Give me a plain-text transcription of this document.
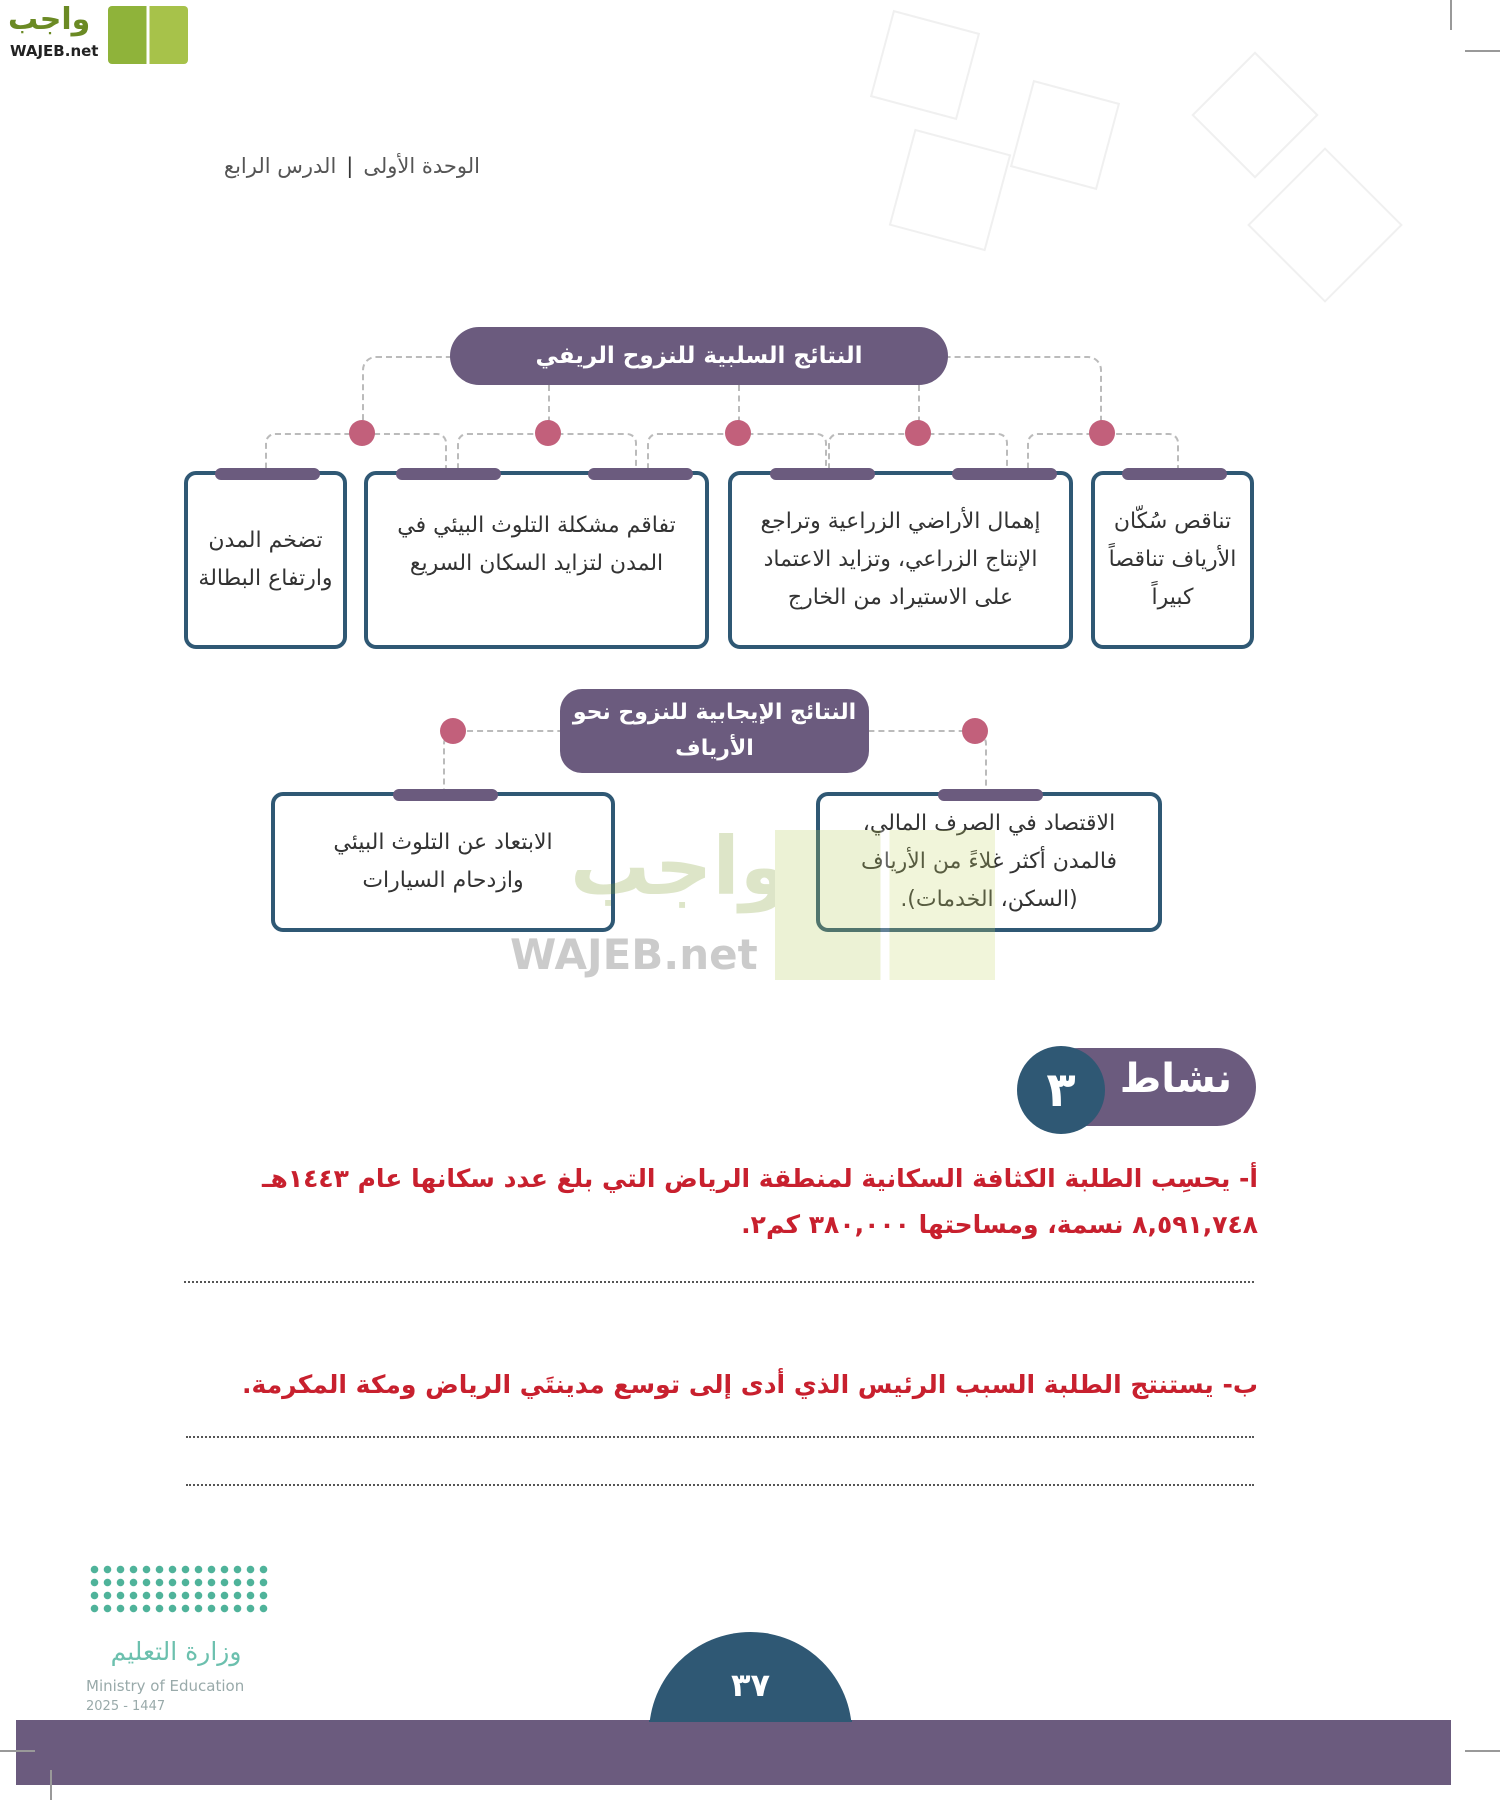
واجب
WAJEB.net
الوحدة الأولى
|
الدرس الرابع
النتائج السلبية للنزوح الريفي
تناقص سُكّان الأرياف تناقصاً كبيراً
إهمال الأراضي الزراعية وتراجع الإنتاج الزراعي، وتزايد الاعتماد على الاستيراد من الخارج
تفاقم مشكلة التلوث البيئي في المدن لتزايد السكان السريع
تضخم المدن وارتفاع البطالة
النتائج الإيجابية للنزوح نحو الأرياف
الاقتصاد في الصرف المالي، فالمدن أكثر غلاءً من الأرياف (السكن، الخدمات).
الابتعاد عن التلوث البيئي وازدحام السيارات واجب
WAJEB.net
نشاط
٣
أ- يحسِب الطلبة الكثافة السكانية لمنطقة الرياض التي بلغ عدد سكانها عام ١٤٤٣هـ ٨,٥٩١,٧٤٨ نسمة، ومساحتها ٣٨٠,٠٠٠ كم٢.
ب- يستنتج الطلبة السبب الرئيس الذي أدى إلى توسع مدينتَي الرياض ومكة المكرمة.
وزارة التعليم
Ministry of Education
2025 - 1447
٣٧
